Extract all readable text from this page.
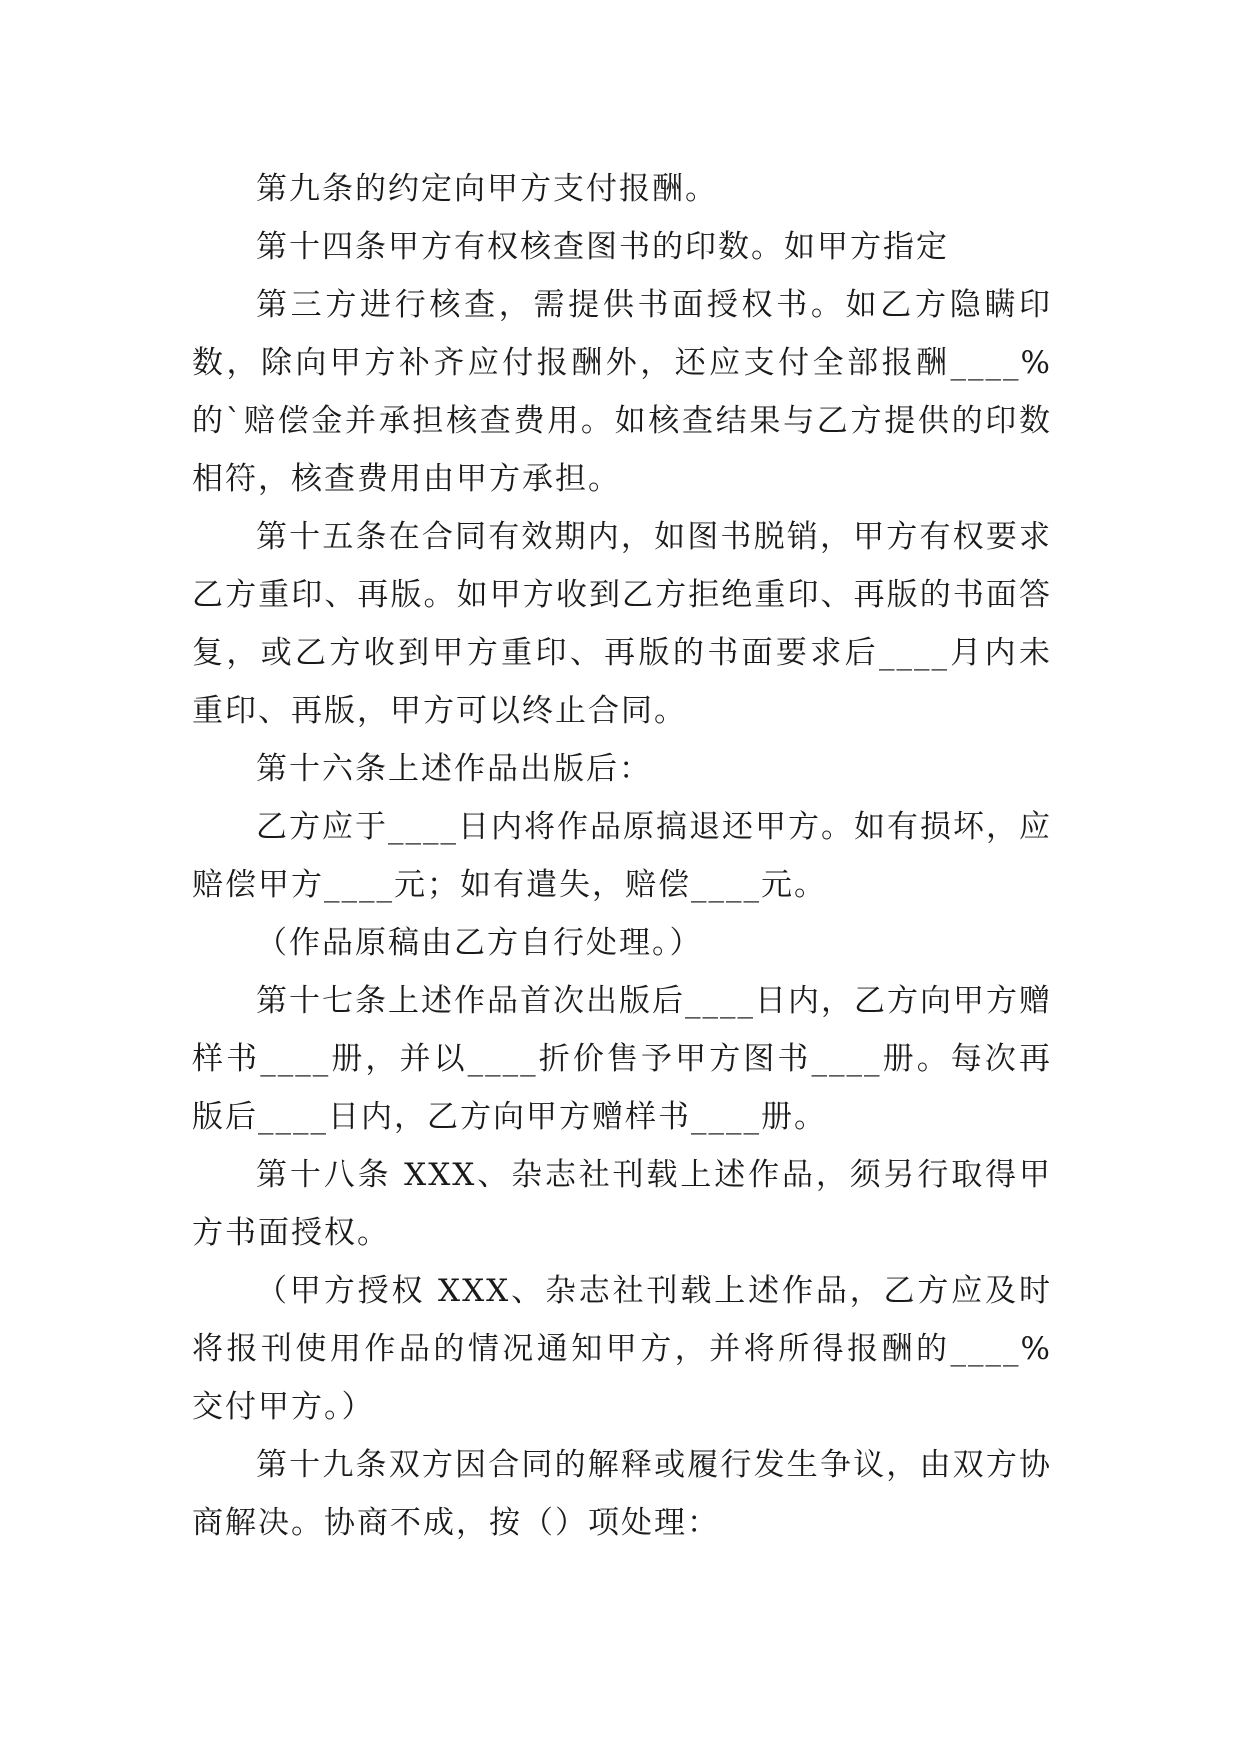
第九条的约定向甲方支付报酬。

第十四条甲方有权核查图书的印数。如甲方指定

第三方进行核查，需提供书面授权书。如乙方隐瞒印数，除向甲方补齐应付报酬外，还应支付全部报酬____%的`赔偿金并承担核查费用。如核查结果与乙方提供的印数相符，核查费用由甲方承担。

第十五条在合同有效期内，如图书脱销，甲方有权要求乙方重印、再版。如甲方收到乙方拒绝重印、再版的书面答复，或乙方收到甲方重印、再版的书面要求后____月内未重印、再版，甲方可以终止合同。

第十六条上述作品出版后：

乙方应于____日内将作品原搞退还甲方。如有损坏，应赔偿甲方____元；如有遣失，赔偿____元。

（作品原稿由乙方自行处理。）

第十七条上述作品首次出版后____日内，乙方向甲方赠样书____册，并以____折价售予甲方图书____册。每次再版后____日内，乙方向甲方赠样书____册。

第十八条 XXX、杂志社刊载上述作品，须另行取得甲方书面授权。

（甲方授权 XXX、杂志社刊载上述作品，乙方应及时将报刊使用作品的情况通知甲方，并将所得报酬的____%交付甲方。）

第十九条双方因合同的解释或履行发生争议，由双方协商解决。协商不成，按（）项处理：
